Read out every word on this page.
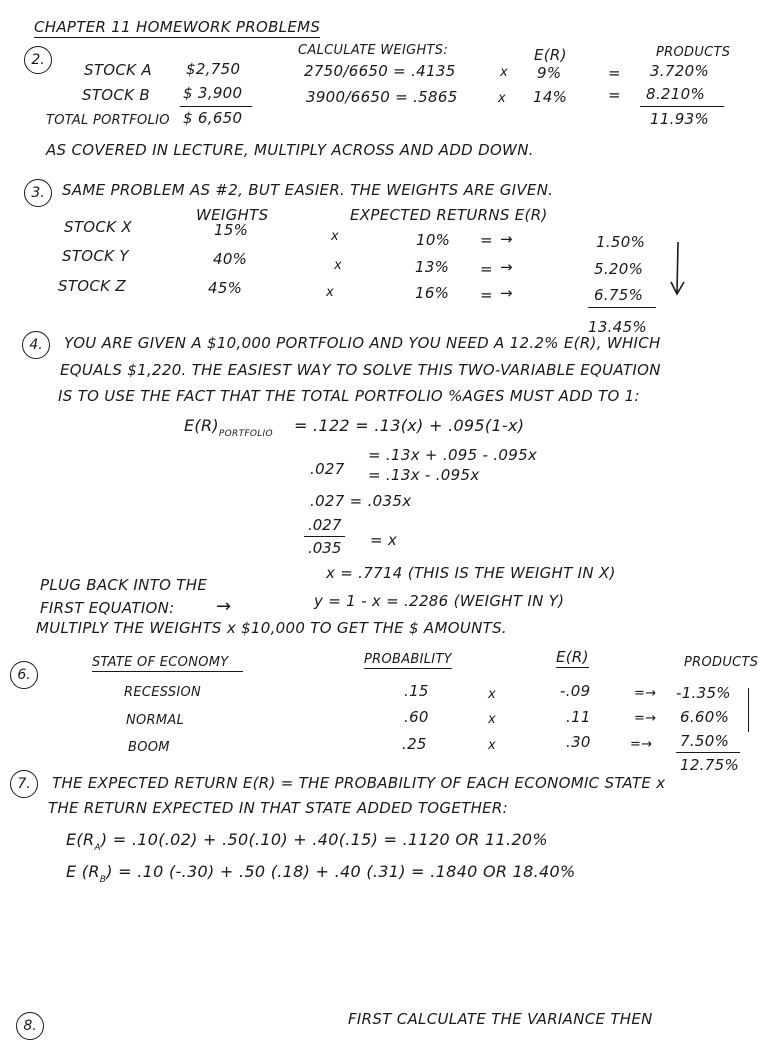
CHAPTER 11 HOMEWORK PROBLEMS
2.
CALCULATE WEIGHTS:	E(R)	PRODUCTS
STOCK A $2,750	2750/6650 = .4135	x 9%	= 3.720%
STOCK B $ 3,900	3900/6650 = .5865	x 14%	= 8.210%
TOTAL PORTFOLIO $ 6,650	11.93%
AS COVERED IN LECTURE, MULTIPLY ACROSS AND ADD DOWN.
3.	SAME PROBLEM AS #2, BUT EASIER. THE WEIGHTS ARE GIVEN.
WEIGHTS	EXPECTED RETURNS E(R)
STOCK X	15%	x	10% = →	1.50%
STOCK Y	40%	x	13% = →	5.20%
STOCK Z	45%	x	16% = →	6.75%
13.45%
4.	YOU ARE GIVEN A $10,000 PORTFOLIO AND YOU NEED A 12.2% E(R), WHICH
EQUALS $1,220. THE EASIEST WAY TO SOLVE THIS TWO-VARIABLE EQUATION
IS TO USE THE FACT THAT THE TOTAL PORTFOLIO %AGES MUST ADD TO 1:
$E(R)_{PORTFOLIO} = .122 = .13(x) + .095(1-x)$
= .13x + .095 - .095x
.027 = .13x - .095x
.027 = .035x
$\frac{.027}{.035} = x$
PLUG BACK INTO THE
FIRST EQUATION: →
x = .7714 (THIS IS THE WEIGHT IN X)
y = 1 - x = .2286 (WEIGHT IN Y)
MULTIPLY THE WEIGHTS x $10,000 TO GET THE $ AMOUNTS.
6.
STATE OF ECONOMY	PROBABILITY	E(R)	PRODUCTS
RECESSION	.15	x	-.09	=→ -1.35%
NORMAL	.60	x	.11	=→ 6.60%
BOOM	.25	x	.30	=→ 7.50%
12.75%
7.	THE EXPECTED RETURN E(R) = THE PROBABILITY OF EACH ECONOMIC STATE x
THE RETURN EXPECTED IN THAT STATE ADDED TOGETHER:
$E(R_A) = .10(.02) + .50(.10) + .40(.15) = .1120$ OR 11.20%
E $(R_B) = .10$ (-.30) + .50 (.18) + .40 (.31) = .1840 OR 18.40%
8.	FIRST CALCULATE THE VARIANCE THEN
